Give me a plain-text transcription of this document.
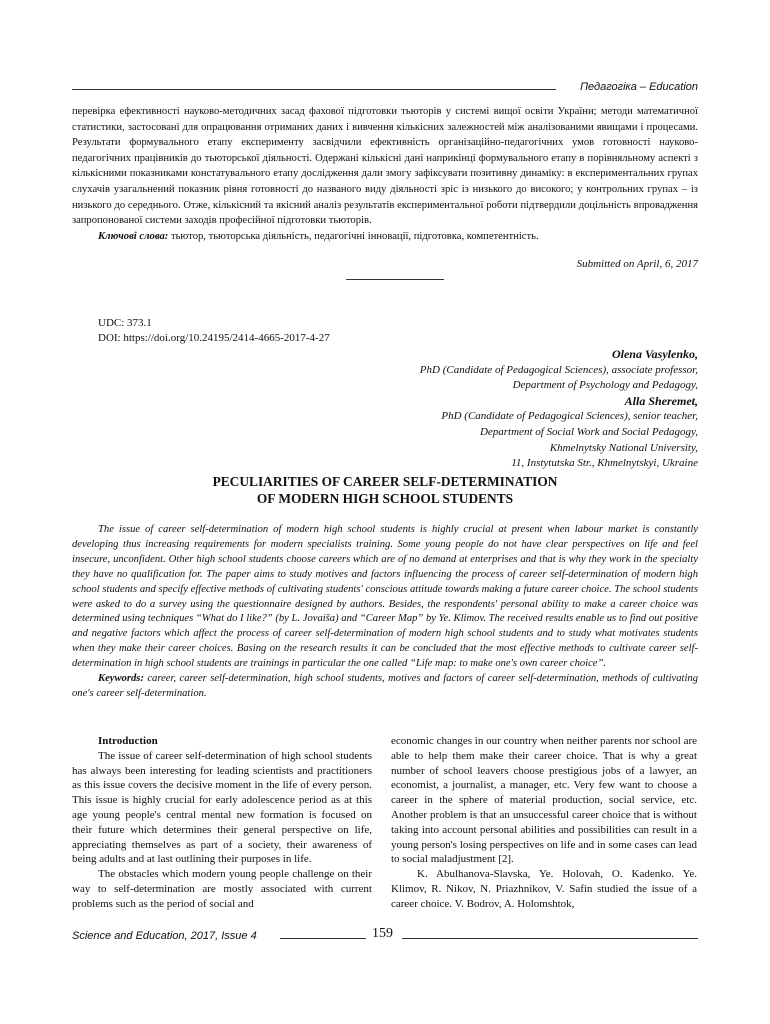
Педагогіка – Education

перевірка ефективності науково-методичних засад фахової підготовки тьюторів у системі вищої освіти України; методи математичної статистики, застосовані для опрацювання отриманих даних і вивчення кількісних залежностей між аналізованими явищами і процесами. Результати формувального етапу експерименту засвідчили ефективність організаційно-педагогічних умов готовності науково-педагогічних працівників до тьюторської діяльності. Одержані кількісні дані наприкінці формувального етапу в порівняльному аспекті з кількісними показниками констатувального етапу дослідження дали змогу зафіксувати позитивну динаміку: в експериментальних групах слухачів узагальнений показник рівня готовності до названого виду діяльності зріс із низького до високого; у контрольних групах – із низького до середнього. Отже, кількісний та якісний аналіз результатів експериментальної роботи підтвердили доцільність впровадження запропонованої системи заходів професійної підготовки тьюторів.

Ключові слова: тьютор, тьюторська діяльність, педагогічні інновації, підготовка, компетентність.

Submitted on April, 6, 2017
UDC: 373.1
DOI: https://doi.org/10.24195/2414-4665-2017-4-27
Olena Vasylenko,
PhD (Candidate of Pedagogical Sciences), associate professor,
Department of Psychology and Pedagogy,
Alla Sheremet,
PhD (Candidate of Pedagogical Sciences), senior teacher,
Department of Social Work and Social Pedagogy,
Khmelnytsky National University,
11, Instytutska Str., Khmelnytskyi, Ukraine
PECULIARITIES OF CAREER SELF-DETERMINATION
OF MODERN HIGH SCHOOL STUDENTS

The issue of career self-determination of modern high school students is highly crucial at present when labour market is constantly developing thus increasing requirements for modern specialists training. Some young people do not have clear perspectives on life and feel insecure, unconfident. Other high school students choose careers which are of no demand at enterprises and that is why they work in the specialty they have no qualification for. The paper aims to study motives and factors influencing the process of career self-determination of modern high school students and specify effective methods of cultivating students' conscious attitude towards making a future career choice. The school students were asked to do a survey using the questionnaire designed by authors. Besides, the respondents' personal ability to make a career choice was determined using techniques “What do I like?” (by L. Jovaiša) and “Career Map” by Ye. Klimov. The received results enable us to find out positive and negative factors which affect the process of career self-determination of modern high school students and to study what motivates students when they make their career choices. Basing on the research results it can be concluded that the most effective methods to cultivate career self-determination in high school students are trainings in particular the one called “Life map: to make one's own career choice”.

Keywords: career, career self-determination, high school students, motives and factors of career self-determination, methods of cultivating one's career self-determination.

Introduction

The issue of career self-determination of high school students has always been interesting for leading scientists and practitioners as this issue covers the decisive moment in the life of every person. This issue is highly crucial for early adolescence period as at this age young people's central mental new formation is focused on their future which determines their general perspective on life, appreciating themselves as part of a society, their awareness of being adults and at last outlining their purposes in life.

The obstacles which modern young people challenge on their way to self-determination are mostly associated with current problems such as the period of social and

economic changes in our country when neither parents nor school are able to help them make their career choice. That is why a great number of school leavers choose prestigious jobs of a lawyer, an economist, a journalist, a manager, etc. Very few want to choose a career in the sphere of material production, social service, etc. Another problem is that an unsuccessful career choice that is without taking into account personal abilities and possibilities can result in a young person's losing perspectives on life and in some cases can lead to social maladjustment [2].

K. Abulhanova-Slavska, Ye. Holovah, O. Kadenko. Ye. Klimov, R. Nikov, N. Priazhnikov, V. Safin studied the issue of a career choice. V. Bodrov, A. Holomshtok,

Science and Education, 2017, Issue 4	159
